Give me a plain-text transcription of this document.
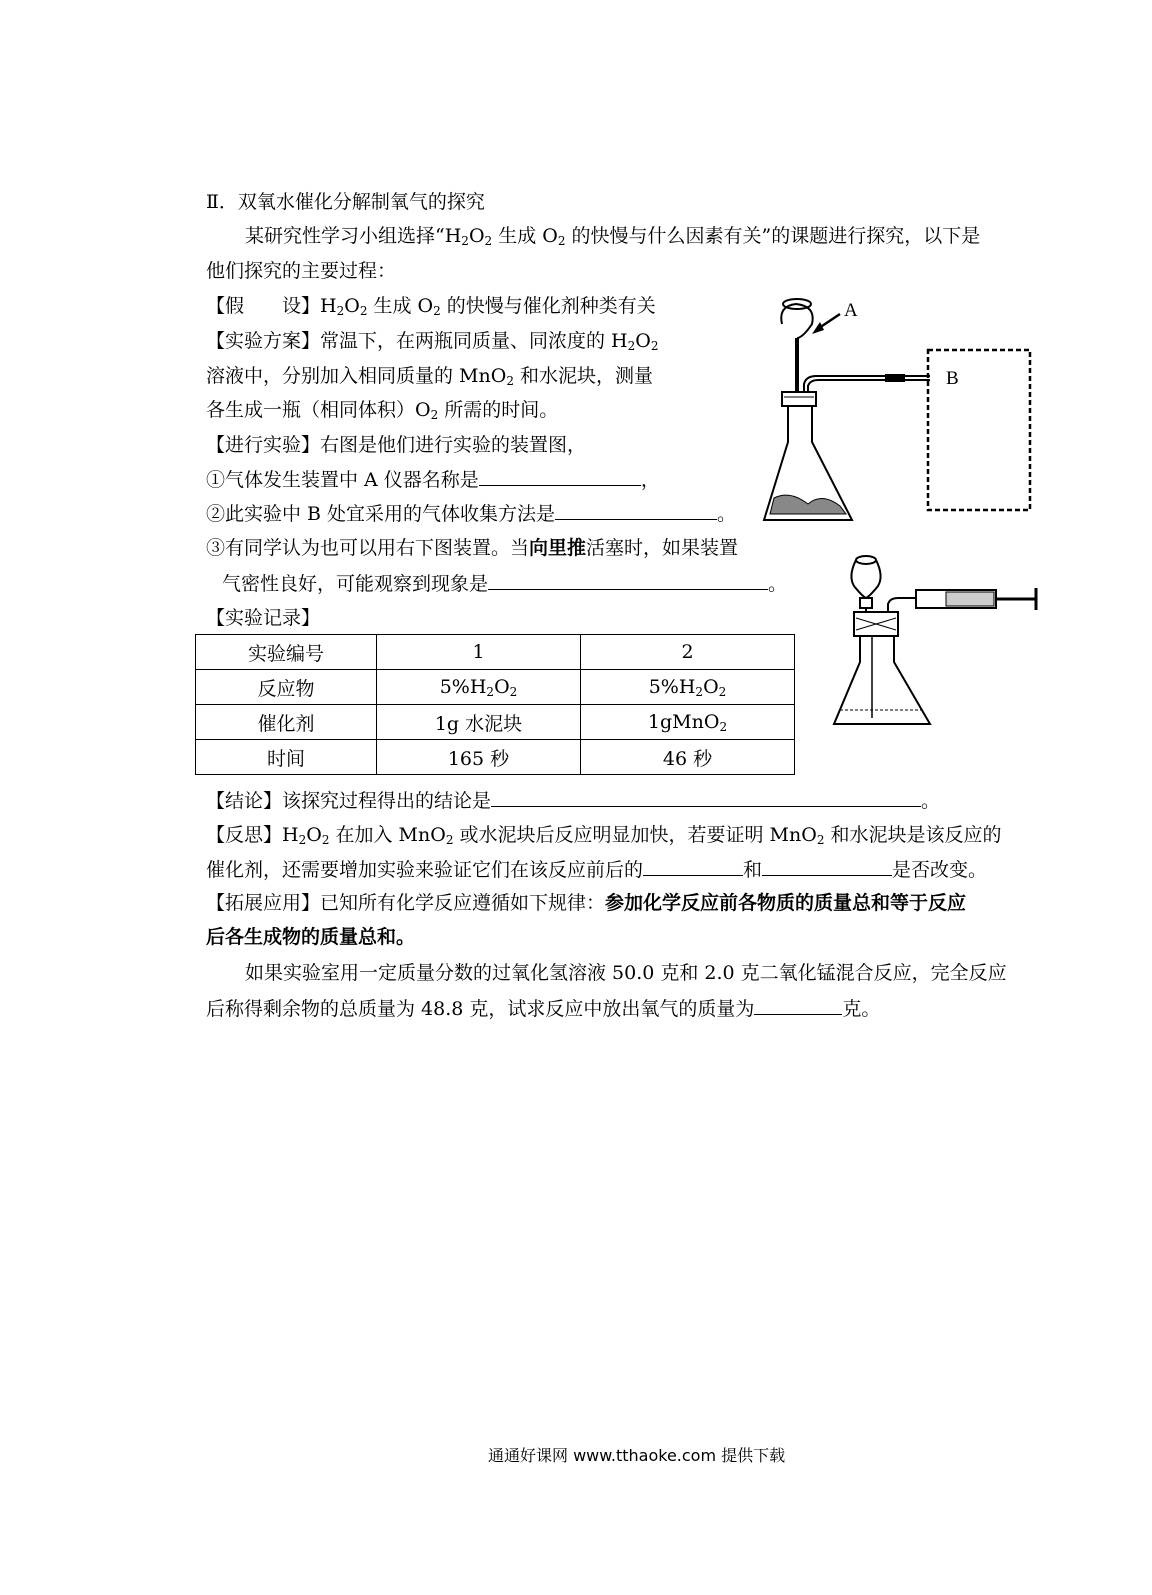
Ⅱ．双氧水催化分解制氧气的探究
某研究性学习小组选择“$H_2O_2$ 生成 $O_2$ 的快慢与什么因素有关”的课题进行探究，以下是
他们探究的主要过程：
【假　　设】$H_2O_2$ 生成 $O_2$ 的快慢与催化剂种类有关
【实验方案】常温下，在两瓶同质量、同浓度的 $H_2O_2$
溶液中，分别加入相同质量的 MnO$_2$ 和水泥块，测量
各生成一瓶（相同体积）$O_2$ 所需的时间。
【进行实验】右图是他们进行实验的装置图，
①气体发生装置中 A 仪器名称是	，
②此实验中 B 处宜采用的气体收集方法是	。
③有同学认为也可以用右下图装置。当向里推活塞时，如果装置
气密性良好，可能观察到现象是	。
【实验记录】
实验编号	1	2
反应物	$5\%H_2O_2$	$5\%H_2O_2$
催化剂	1g 水泥块	1gMnO$_2$
时间	165 秒	46 秒
【结论】该探究过程得出的结论是	。
【反思】$H_2O_2$ 在加入 MnO$_2$ 或水泥块后反应明显加快，若要证明 MnO$_2$ 和水泥块是该反应的
催化剂，还需要增加实验来验证它们在该反应前后的	和	是否改变。
【拓展应用】已知所有化学反应遵循如下规律：参加化学反应前各物质的质量总和等于反应
后各生成物的质量总和。
如果实验室用一定质量分数的过氧化氢溶液 50.0 克和 2.0 克二氧化锰混合反应，完全反应
后称得剩余物的总质量为 48.8 克，试求反应中放出氧气的质量为	克。
A
B
通通好课网 www.tthaoke.com 提供下载
